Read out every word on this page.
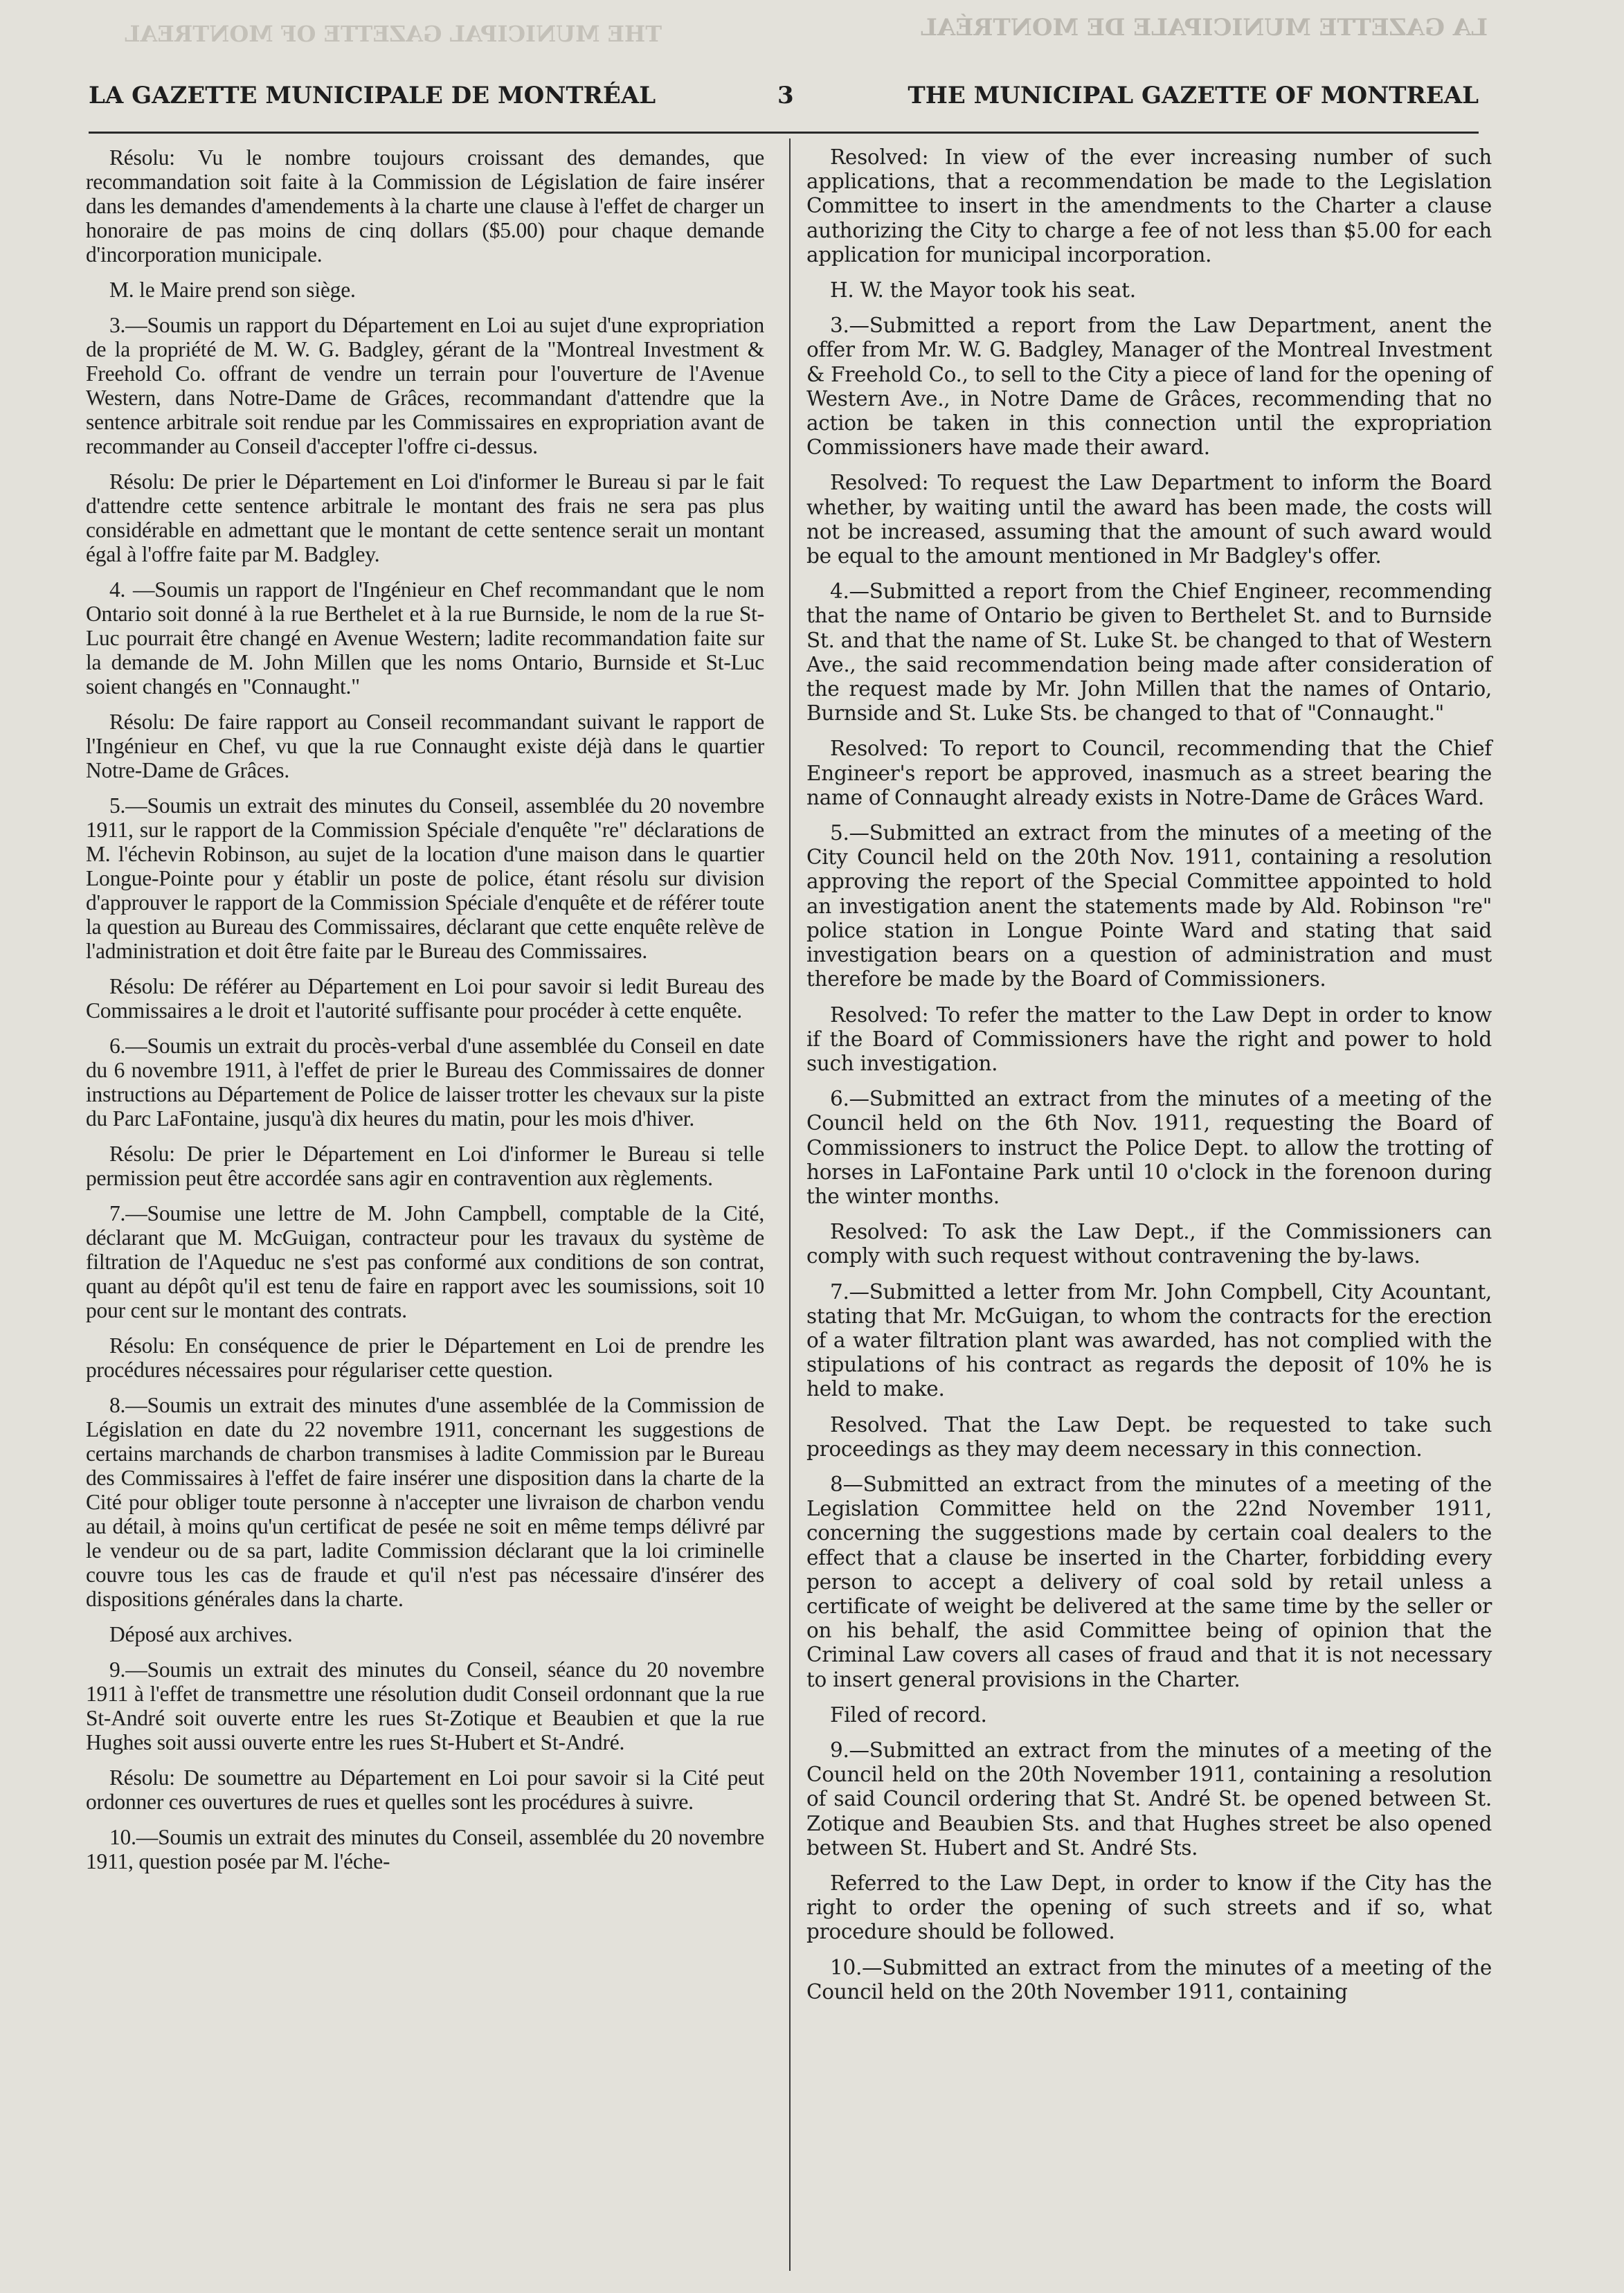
THE MUNICIPAL GAZETTE OF MONTREAL	LA GAZETTE MUNICIPALE DE MONTRÉAL
LA GAZETTE MUNICIPALE DE MONTRÉAL	3	THE MUNICIPAL GAZETTE OF MONTREAL

Résolu: Vu le nombre toujours croissant des demandes, que recommandation soit faite à la Commission de Législation de faire insérer dans les demandes d'amendements à la charte une clause à l'effet de charger un honoraire de pas moins de cinq dollars ($5.00) pour chaque demande d'incorporation municipale.

M. le Maire prend son siège.

3.—Soumis un rapport du Département en Loi au sujet d'une expropriation de la propriété de M. W. G. Badgley, gérant de la "Montreal Investment & Freehold Co. offrant de vendre un terrain pour l'ouverture de l'Avenue Western, dans Notre-Dame de Grâces, recommandant d'attendre que la sentence arbitrale soit rendue par les Commissaires en expropriation avant de recommander au Conseil d'accepter l'offre ci-dessus.

Résolu: De prier le Département en Loi d'informer le Bureau si par le fait d'attendre cette sentence arbitrale le montant des frais ne sera pas plus considérable en admettant que le montant de cette sentence serait un montant égal à l'offre faite par M. Badgley.

4. —Soumis un rapport de l'Ingénieur en Chef recommandant que le nom Ontario soit donné à la rue Berthelet et à la rue Burnside, le nom de la rue St-Luc pourrait être changé en Avenue Western; ladite recommandation faite sur la demande de M. John Millen que les noms Ontario, Burnside et St-Luc soient changés en "Connaught."

Résolu: De faire rapport au Conseil recommandant suivant le rapport de l'Ingénieur en Chef, vu que la rue Connaught existe déjà dans le quartier Notre-Dame de Grâces.

5.—Soumis un extrait des minutes du Conseil, assemblée du 20 novembre 1911, sur le rapport de la Commission Spéciale d'enquête "re" déclarations de M. l'échevin Robinson, au sujet de la location d'une maison dans le quartier Longue-Pointe pour y établir un poste de police, étant résolu sur division d'approuver le rapport de la Commission Spéciale d'enquête et de référer toute la question au Bureau des Commissaires, déclarant que cette enquête relève de l'administration et doit être faite par le Bureau des Commissaires.

Résolu: De référer au Département en Loi pour savoir si ledit Bureau des Commissaires a le droit et l'autorité suffisante pour procéder à cette enquête.

6.—Soumis un extrait du procès-verbal d'une assemblée du Conseil en date du 6 novembre 1911, à l'effet de prier le Bureau des Commissaires de donner instructions au Département de Police de laisser trotter les chevaux sur la piste du Parc LaFontaine, jusqu'à dix heures du matin, pour les mois d'hiver.

Résolu: De prier le Département en Loi d'informer le Bureau si telle permission peut être accordée sans agir en contravention aux règlements.

7.—Soumise une lettre de M. John Campbell, comptable de la Cité, déclarant que M. McGuigan, contracteur pour les travaux du système de filtration de l'Aqueduc ne s'est pas conformé aux conditions de son contrat, quant au dépôt qu'il est tenu de faire en rapport avec les soumissions, soit 10 pour cent sur le montant des contrats.

Résolu: En conséquence de prier le Département en Loi de prendre les procédures nécessaires pour régulariser cette question.

8.—Soumis un extrait des minutes d'une assemblée de la Commission de Législation en date du 22 novembre 1911, concernant les suggestions de certains marchands de charbon transmises à ladite Commission par le Bureau des Commissaires à l'effet de faire insérer une disposition dans la charte de la Cité pour obliger toute personne à n'accepter une livraison de charbon vendu au détail, à moins qu'un certificat de pesée ne soit en même temps délivré par le vendeur ou de sa part, ladite Commission déclarant que la loi criminelle couvre tous les cas de fraude et qu'il n'est pas nécessaire d'insérer des dispositions générales dans la charte.

Déposé aux archives.

9.—Soumis un extrait des minutes du Conseil, séance du 20 novembre 1911 à l'effet de transmettre une résolution dudit Conseil ordonnant que la rue St-André soit ouverte entre les rues St-Zotique et Beaubien et que la rue Hughes soit aussi ouverte entre les rues St-Hubert et St-André.

Résolu: De soumettre au Département en Loi pour savoir si la Cité peut ordonner ces ouvertures de rues et quelles sont les procédures à suivre.

10.—Soumis un extrait des minutes du Conseil, assemblée du 20 novembre 1911, question posée par M. l'éche-

Resolved: In view of the ever increasing number of such applications, that a recommendation be made to the Legislation Committee to insert in the amendments to the Charter a clause authorizing the City to charge a fee of not less than $5.00 for each application for municipal incorporation.

H. W. the Mayor took his seat.

3.—Submitted a report from the Law Department, anent the offer from Mr. W. G. Badgley, Manager of the Montreal Investment & Freehold Co., to sell to the City a piece of land for the opening of Western Ave., in Notre Dame de Grâces, recommending that no action be taken in this connection until the expropriation Commissioners have made their award.

Resolved: To request the Law Department to inform the Board whether, by waiting until the award has been made, the costs will not be increased, assuming that the amount of such award would be equal to the amount mentioned in Mr Badgley's offer.

4.—Submitted a report from the Chief Engineer, recommending that the name of Ontario be given to Berthelet St. and to Burnside St. and that the name of St. Luke St. be changed to that of Western Ave., the said recommendation being made after consideration of the request made by Mr. John Millen that the names of Ontario, Burnside and St. Luke Sts. be changed to that of "Connaught."

Resolved: To report to Council, recommending that the Chief Engineer's report be approved, inasmuch as a street bearing the name of Connaught already exists in Notre-Dame de Grâces Ward.

5.—Submitted an extract from the minutes of a meeting of the City Council held on the 20th Nov. 1911, containing a resolution approving the report of the Special Committee appointed to hold an investigation anent the statements made by Ald. Robinson "re" police station in Longue Pointe Ward and stating that said investigation bears on a question of administration and must therefore be made by the Board of Commissioners.

Resolved: To refer the matter to the Law Dept in order to know if the Board of Commissioners have the right and power to hold such investigation.

6.—Submitted an extract from the minutes of a meeting of the Council held on the 6th Nov. 1911, requesting the Board of Commissioners to instruct the Police Dept. to allow the trotting of horses in LaFontaine Park until 10 o'clock in the forenoon during the winter months.

Resolved: To ask the Law Dept., if the Commissioners can comply with such request without contravening the by-laws.

7.—Submitted a letter from Mr. John Compbell, City Acountant, stating that Mr. McGuigan, to whom the contracts for the erection of a water filtration plant was awarded, has not complied with the stipulations of his contract as regards the deposit of 10% he is held to make.

Resolved. That the Law Dept. be requested to take such proceedings as they may deem necessary in this connection.

8—Submitted an extract from the minutes of a meeting of the Legislation Committee held on the 22nd November 1911, concerning the suggestions made by certain coal dealers to the effect that a clause be inserted in the Charter, forbidding every person to accept a delivery of coal sold by retail unless a certificate of weight be delivered at the same time by the seller or on his behalf, the asid Committee being of opinion that the Criminal Law covers all cases of fraud and that it is not necessary to insert general provisions in the Charter.

Filed of record.

9.—Submitted an extract from the minutes of a meeting of the Council held on the 20th November 1911, containing a resolution of said Council ordering that St. André St. be opened between St. Zotique and Beaubien Sts. and that Hughes street be also opened between St. Hubert and St. André Sts.

Referred to the Law Dept, in order to know if the City has the right to order the opening of such streets and if so, what procedure should be followed.

10.—Submitted an extract from the minutes of a meeting of the Council held on the 20th November 1911, containing
